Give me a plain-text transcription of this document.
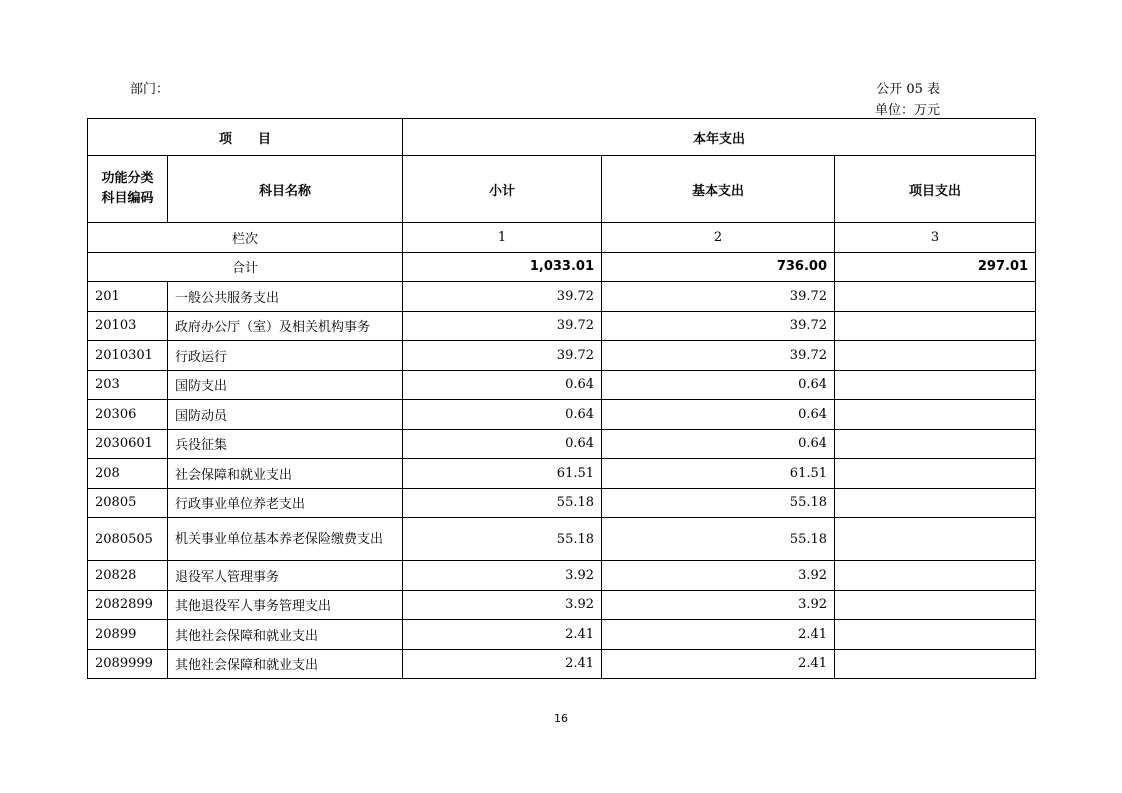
部门：	公开 05 表
单位：万元
项　　目		本年支出		

功能分类
科目编码	科目名称	小计	基本支出	项目支出
栏次		1	2	3
合计		1,033.01	736.00	297.01
201	一般公共服务支出	39.72	39.72	
20103	政府办公厅（室）及相关机构事务	39.72	39.72	
2010301	行政运行	39.72	39.72	
203	国防支出	0.64	0.64	
20306	国防动员	0.64	0.64	
2030601	兵役征集	0.64	0.64	
208	社会保障和就业支出	61.51	61.51	
20805	行政事业单位养老支出	55.18	55.18	
2080505	机关事业单位基本养老保险缴费支出	55.18	55.18	
20828	退役军人管理事务	3.92	3.92	
2082899	其他退役军人事务管理支出	3.92	3.92	
20899	其他社会保障和就业支出	2.41	2.41	
2089999	其他社会保障和就业支出	2.41	2.41	
16
